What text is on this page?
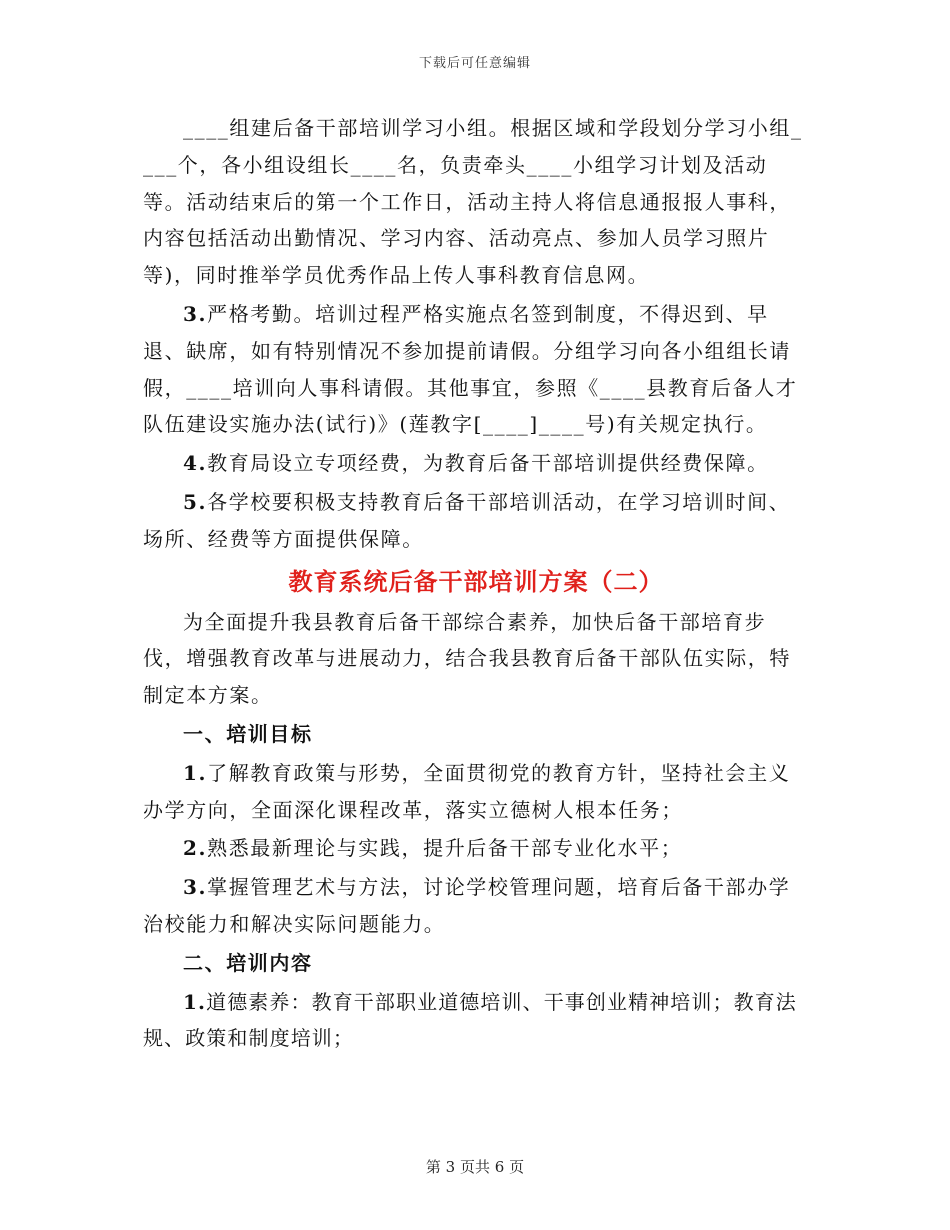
下载后可任意编辑

____组建后备干部培训学习小组。根据区域和学段划分学习小组____个，各小组设组长____名，负责牵头____小组学习计划及活动等。活动结束后的第一个工作日，活动主持人将信息通报报人事科，内容包括活动出勤情况、学习内容、活动亮点、参加人员学习照片等)，同时推举学员优秀作品上传人事科教育信息网。

3.严格考勤。培训过程严格实施点名签到制度，不得迟到、早退、缺席，如有特别情况不参加提前请假。分组学习向各小组组长请假，____培训向人事科请假。其他事宜，参照《____县教育后备人才队伍建设实施办法(试行)》(莲教字[____]____号)有关规定执行。

4.教育局设立专项经费，为教育后备干部培训提供经费保障。

5.各学校要积极支持教育后备干部培训活动，在学习培训时间、场所、经费等方面提供保障。

教育系统后备干部培训方案（二）

为全面提升我县教育后备干部综合素养，加快后备干部培育步伐，增强教育改革与进展动力，结合我县教育后备干部队伍实际，特制定本方案。

一、培训目标

1.了解教育政策与形势，全面贯彻党的教育方针，坚持社会主义办学方向，全面深化课程改革，落实立德树人根本任务；

2.熟悉最新理论与实践，提升后备干部专业化水平；

3.掌握管理艺术与方法，讨论学校管理问题，培育后备干部办学治校能力和解决实际问题能力。

二、培训内容

1.道德素养：教育干部职业道德培训、干事创业精神培训；教育法规、政策和制度培训；

第 3 页共 6 页
